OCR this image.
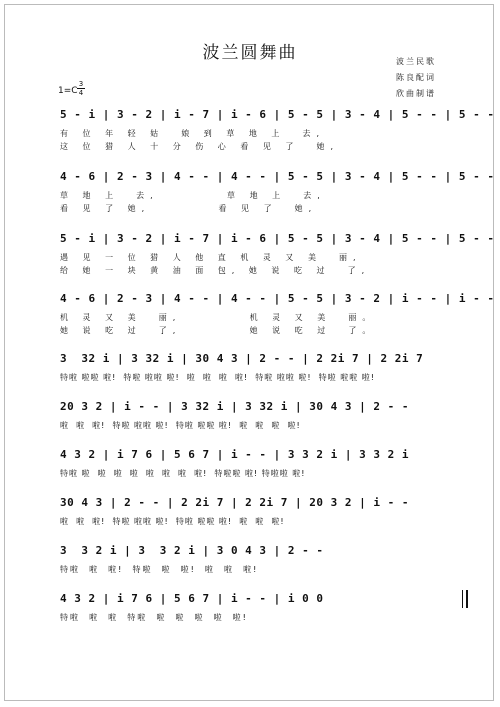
波兰圆舞曲	波兰民歌
陈良配词
欣曲制谱
1=C
3
4
5 - i | 3 - 2 | i - 7 | i - 6 | 5 - 5 | 3 - 4 | 5 - - | 5 - -
有 位 年 轻 姑  娘 到 草 地 上  去,
这 位 猎 人 十 分 伤 心 看 见 了  她,
4 - 6 | 2 - 3 | 4 - - | 4 - - | 5 - 5 | 3 - 4 | 5 - - | 5 - -
草 地 上  去,        草 地 上  去,
看 见 了 她,        看 见 了  她,
5 - i | 3 - 2 | i - 7 | i - 6 | 5 - 5 | 3 - 4 | 5 - - | 5 - -
遇 见 一 位 猎 人 他 直 机 灵 又 美  丽,
给 她 一 块 黄 油 面 包, 她 说 吃 过  了,
4 - 6 | 2 - 3 | 4 - - | 4 - - | 5 - 5 | 3 - 2 | i - - | i - -
机 灵 又 美  丽,        机 灵 又 美  丽。
她 说 吃 过  了,        她 说 吃 过  了。
3  32 i | 3 32 i | 30 4 3 | 2 - - | 2 2i 7 | 2 2i 7
特啦 啦啦 啦!  特啦 啦啦 啦!  啦  啦  啦  啦!  特啦 啦啦 啦!  特啦 啦啦 啦!
20 3 2 | i - - | 3 32 i | 3 32 i | 30 4 3 | 2 - -
啦  啦  啦!  特啦 啦啦 啦!  特啦 啦啦 啦!  啦  啦  啦  啦!
4 3 2 | i 7 6 | 5 6 7 | i - - | 3 3 2 i | 3 3 2 i
特啦 啦  啦  啦  啦  啦  啦  啦  啦!  特啦啦 啦! 特啦啦 啦!
30 4 3 | 2 - - | 2 2i 7 | 2 2i 7 | 20 3 2 | i - -
啦  啦  啦!  特啦 啦啦 啦!  特啦 啦啦 啦!  啦  啦  啦!
3  3 2 i | 3  3 2 i | 3 0 4 3 | 2 - -
特啦  啦  啦!  特啦  啦  啦!  啦  啦  啦!
4 3 2 | i 7 6 | 5 6 7 | i - - | i 0 0
特啦  啦  啦  特啦  啦  啦  啦  啦  啦!
